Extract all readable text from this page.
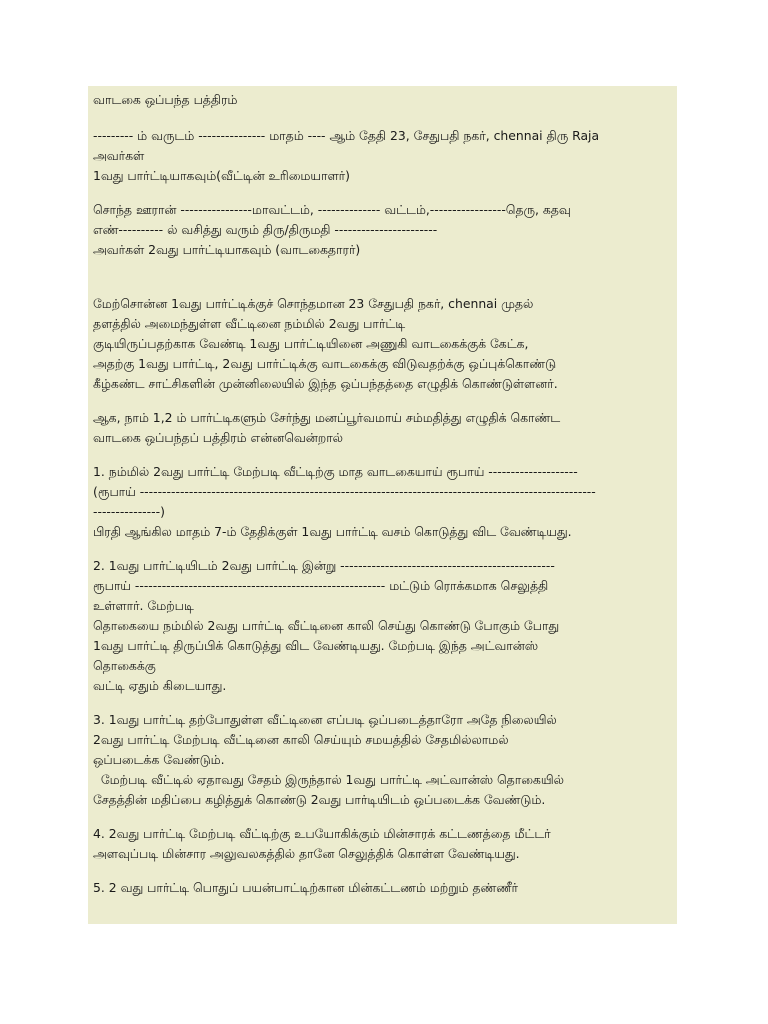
வாடகை ஒப்பந்த பத்திரம்
--------- ம் வருடம் --------------- மாதம் ---- ஆம் தேதி 23, சேதுபதி நகர், chennai திரு Raja
அவர்கள்
1வது பார்ட்டியாகவும்(வீட்டின் உரிமையாளர்)
சொந்த ஊரான் ----------------மாவட்டம், -------------- வட்டம்,-----------------தெரு, கதவு
எண்---------- ல் வசித்து வரும் திரு/திருமதி -----------------------
அவர்கள் 2வது பார்ட்டியாகவும் (வாடகைதாரர்)
மேற்சொன்ன 1வது பார்ட்டிக்குச் சொந்தமான 23 சேதுபதி நகர், chennai முதல்
தளத்தில் அமைந்துள்ள வீட்டினை நம்மில் 2வது பார்ட்டி
குடியிருப்பதற்காக வேண்டி 1வது பார்ட்டியினை அணுகி வாடகைக்குக் கேட்க,
அதற்கு 1வது பார்ட்டி, 2வது பார்ட்டிக்கு வாடகைக்கு விடுவதற்க்கு ஒப்புக்கொண்டு
கீழ்கண்ட சாட்சிகளின் முன்னிலையில் இந்த ஒப்பந்தத்தை எழுதிக் கொண்டுள்ளனர்.
ஆக, நாம் 1,2 ம் பார்ட்டிகளும் சேர்ந்து மனப்பூர்வமாய் சம்மதித்து எழுதிக் கொண்ட
வாடகை ஒப்பந்தப் பத்திரம் என்னவென்றால்
1. நம்மில் 2வது பார்ட்டி மேற்படி வீட்டிற்கு மாத வாடகையாய் ரூபாய் --------------------
(ரூபாய் ------------------------------------------------------------------------------------------------------
---------------)
பிரதி ஆங்கில மாதம் 7-ம் தேதிக்குள் 1வது பார்ட்டி வசம் கொடுத்து விட வேண்டியது.
2. 1வது பார்ட்டியிடம் 2வது பார்ட்டி இன்று ------------------------------------------------
ரூபாய் -------------------------------------------------------- மட்டும் ரொக்கமாக செலுத்தி
உள்ளார். மேற்படி
தொகையை நம்மில் 2வது பார்ட்டி வீட்டினை காலி செய்து கொண்டு போகும் போது
1வது பார்ட்டி திருப்பிக் கொடுத்து விட வேண்டியது. மேற்படி இந்த அட்வான்ஸ்
தொகைக்கு
வட்டி ஏதும் கிடையாது.
3. 1வது பார்ட்டி தற்போதுள்ள வீட்டினை எப்படி ஒப்படைத்தாரோ அதே நிலையில்
2வது பார்ட்டி மேற்படி வீட்டினை காலி செய்யும் சமயத்தில் சேதமில்லாமல்
ஒப்படைக்க வேண்டும்.
மேற்படி வீட்டில் ஏதாவது சேதம் இருந்தால் 1வது பார்ட்டி அட்வான்ஸ் தொகையில்
சேதத்தின் மதிப்பை கழித்துக் கொண்டு 2வது பார்டியிடம் ஒப்படைக்க வேண்டும்.
4. 2வது பார்ட்டி மேற்படி வீட்டிற்கு உபயோகிக்கும் மின்சாரக் கட்டணத்தை மீட்டர்
அளவுப்படி மின்சார அலுவலகத்தில் தானே செலுத்திக் கொள்ள வேண்டியது.
5. 2 வது பார்ட்டி பொதுப் பயன்பாட்டிற்கான மின்கட்டணம் மற்றும் தண்ணீர்
